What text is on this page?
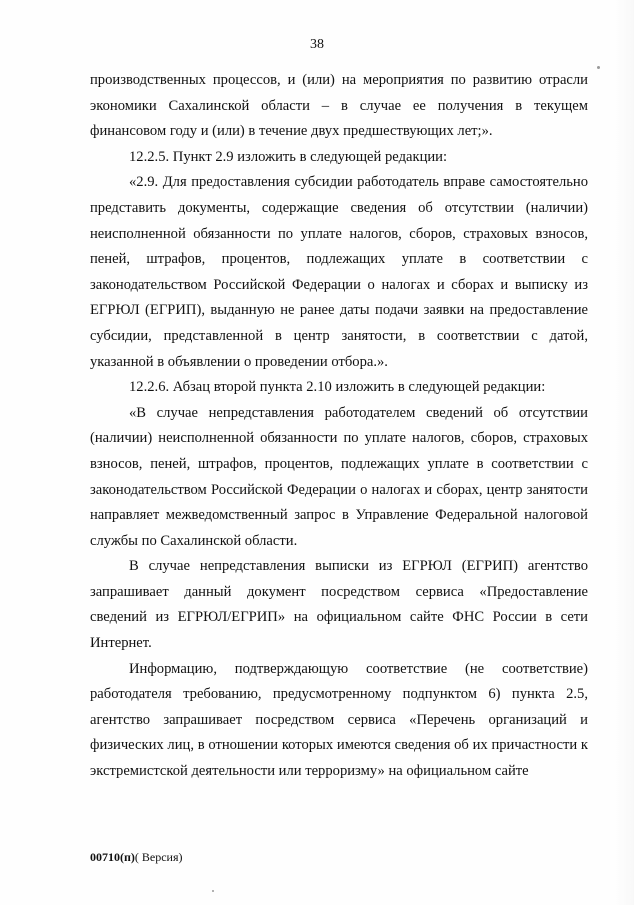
38

производственных процессов, и (или) на мероприятия по развитию отрасли экономики Сахалинской области – в случае ее получения в текущем финансовом году и (или) в течение двух предшествующих лет;».

12.2.5. Пункт 2.9 изложить в следующей редакции:

«2.9. Для предоставления субсидии работодатель вправе самостоятельно представить документы, содержащие сведения об отсутствии (наличии) неисполненной обязанности по уплате налогов, сборов, страховых взносов, пеней, штрафов, процентов, подлежащих уплате в соответствии с законодательством Российской Федерации о налогах и сборах и выписку из ЕГРЮЛ (ЕГРИП), выданную не ранее даты подачи заявки на предоставление субсидии, представленной в центр занятости, в соответствии с датой, указанной в объявлении о проведении отбора.».

12.2.6. Абзац второй пункта 2.10 изложить в следующей редакции:

«В случае непредставления работодателем сведений об отсутствии (наличии) неисполненной обязанности по уплате налогов, сборов, страховых взносов, пеней, штрафов, процентов, подлежащих уплате в соответствии с законодательством Российской Федерации о налогах и сборах, центр занятости направляет межведомственный запрос в Управление Федеральной налоговой службы по Сахалинской области.

В случае непредставления выписки из ЕГРЮЛ (ЕГРИП) агентство запрашивает данный документ посредством сервиса «Предоставление сведений из ЕГРЮЛ/ЕГРИП» на официальном сайте ФНС России в сети Интернет.

Информацию, подтверждающую соответствие (не соответствие) работодателя требованию, предусмотренному подпунктом 6) пункта 2.5, агентство запрашивает посредством сервиса «Перечень организаций и физических лиц, в отношении которых имеются сведения об их причастности к экстремистской деятельности или терроризму» на официальном сайте

00710(п)( Версия)
